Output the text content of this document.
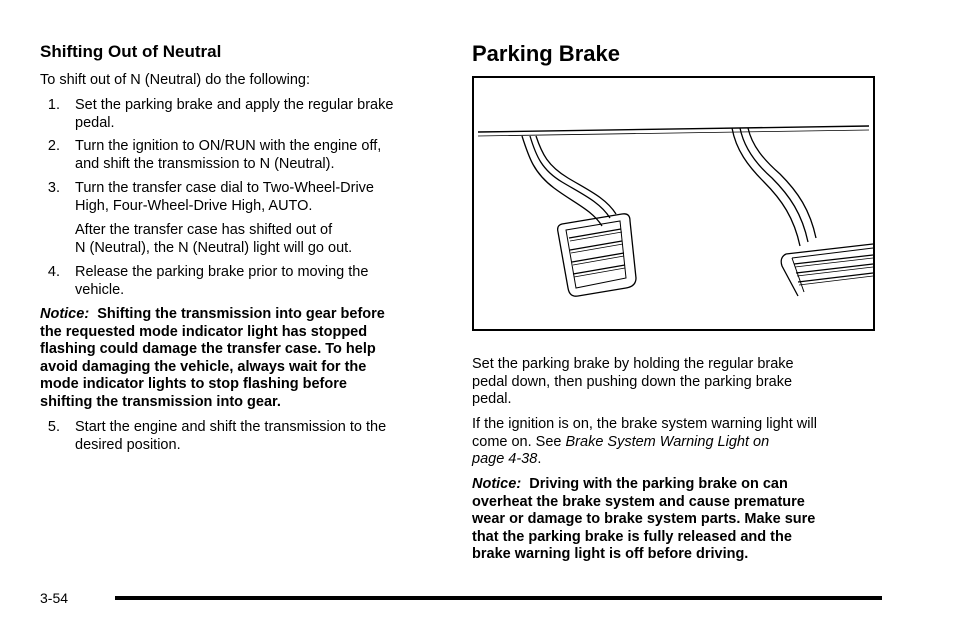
Shifting Out of Neutral

To shift out of N (Neutral) do the following:

1. Set the parking brake and apply the regular brake
pedal.
2. Turn the ignition to ON/RUN with the engine off,
and shift the transmission to N (Neutral).
3. Turn the transfer case dial to Two-Wheel-Drive
High, Four-Wheel-Drive High, AUTO.
After the transfer case has shifted out of
N (Neutral), the N (Neutral) light will go out.
4. Release the parking brake prior to moving the
vehicle.
Notice: Shifting the transmission into gear before
the requested mode indicator light has stopped
flashing could damage the transfer case. To help
avoid damaging the vehicle, always wait for the
mode indicator lights to stop flashing before
shifting the transmission into gear.
5. Start the engine and shift the transmission to the
desired position.
Parking Brake
Set the parking brake by holding the regular brake
pedal down, then pushing down the parking brake
pedal.
If the ignition is on, the brake system warning light will
come on. See Brake System Warning Light on
page 4-38.
Notice: Driving with the parking brake on can
overheat the brake system and cause premature
wear or damage to brake system parts. Make sure
that the parking brake is fully released and the
brake warning light is off before driving.
3-54
